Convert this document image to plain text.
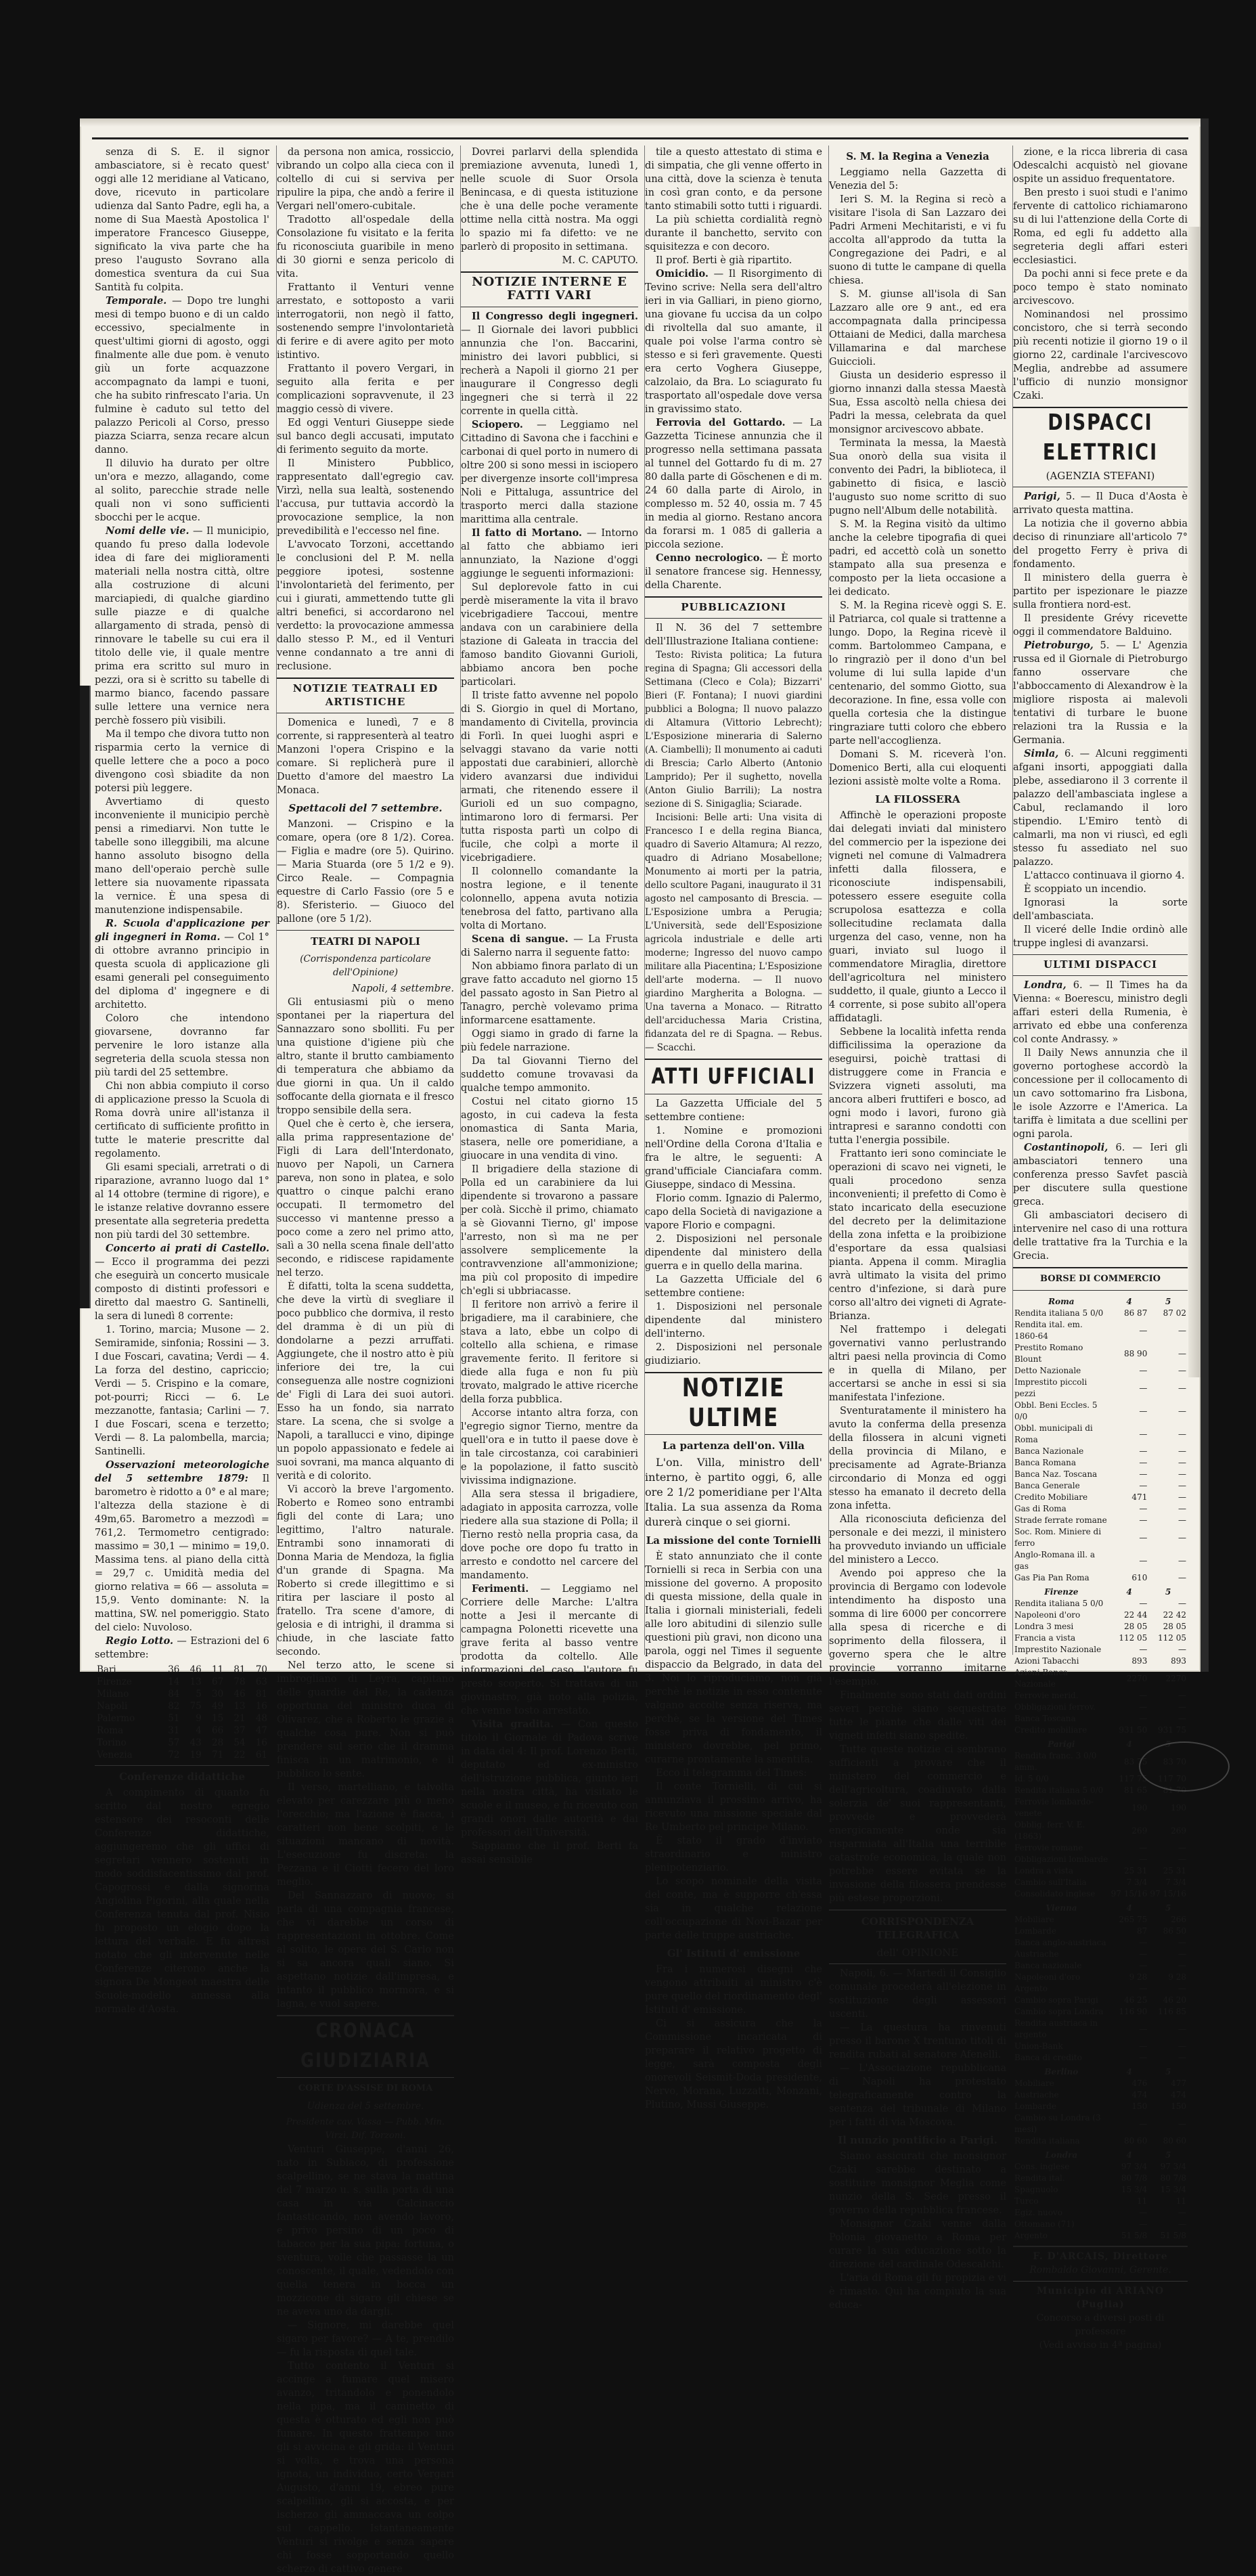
senza di S. E. il signor ambasciatore, si è recato quest' oggi alle 12 meridiane al Vaticano, dove, ricevuto in particolare udienza dal Santo Padre, egli ha, a nome di Sua Maestà Apostolica l' imperatore Francesco Giuseppe, significato la viva parte che ha preso l'augusto Sovrano alla domestica sventura da cui Sua Santità fu colpita.

Temporale. — Dopo tre lunghi mesi di tempo buono e di un caldo eccessivo, specialmente in quest'ultimi giorni di agosto, oggi finalmente alle due pom. è venuto giù un forte acquazzone accompagnato da lampi e tuoni, che ha subito rinfrescato l'aria. Un fulmine è caduto sul tetto del palazzo Pericoli al Corso, presso piazza Sciarra, senza recare alcun danno.

Il diluvio ha durato per oltre un'ora e mezzo, allagando, come al solito, parecchie strade nelle quali non vi sono sufficienti sbocchi per le acque.

Nomi delle vie. — Il municipio, quando fu preso dalla lodevole idea di fare dei miglioramenti materiali nella nostra città, oltre alla costruzione di alcuni marciapiedi, di qualche giardino sulle piazze e di qualche allargamento di strada, pensò di rinnovare le tabelle su cui era il titolo delle vie, il quale mentre prima era scritto sul muro in pezzi, ora si è scritto su tabelle di marmo bianco, facendo passare sulle lettere una vernice nera perchè fossero più visibili.

Ma il tempo che divora tutto non risparmia certo la vernice di quelle lettere che a poco a poco divengono così sbiadite da non potersi più leggere.

Avvertiamo di questo inconveniente il municipio perchè pensi a rimediarvi. Non tutte le tabelle sono illeggibili, ma alcune hanno assoluto bisogno della mano dell'operaio perchè sulle lettere sia nuovamente ripassata la vernice. È una spesa di manutenzione indispensabile.

R. Scuola d'applicazione per gli ingegneri in Roma. — Col 1° di ottobre avranno principio in questa scuola di applicazione gli esami generali pel conseguimento del diploma d' ingegnere e di architetto.

Coloro che intendono giovarsene, dovranno far pervenire le loro istanze alla segreteria della scuola stessa non più tardi del 25 settembre.

Chi non abbia compiuto il corso di applicazione presso la Scuola di Roma dovrà unire all'istanza il certificato di sufficiente profitto in tutte le materie prescritte dal regolamento.

Gli esami speciali, arretrati o di riparazione, avranno luogo dal 1° al 14 ottobre (termine di rigore), e le istanze relative dovranno essere presentate alla segreteria predetta non più tardi del 30 settembre.

Concerto ai prati di Castello. — Ecco il programma dei pezzi che eseguirà un concerto musicale composto di distinti professori e diretto dal maestro G. Santinelli, la sera di lunedì 8 corrente:

1. Torino, marcia; Musone — 2. Semiramide, sinfonia; Rossini — 3. I due Foscari, cavatina; Verdi — 4. La forza del destino, capriccio; Verdi — 5. Crispino e la comare, pot-pourri; Ricci — 6. Le mezzanotte, fantasia; Carlini — 7. I due Foscari, scena e terzetto; Verdi — 8. La palombella, marcia; Santinelli.

Osservazioni meteorologiche del 5 settembre 1879: Il barometro è ridotto a 0° e al mare; l'altezza della stazione è di 49m,65. Barometro a mezzodì = 761,2. Termometro centigrado: massimo = 30,1 — minimo = 19,0. Massima tens. al piano della città = 29,7 c. Umidità media del giorno relativa = 66 — assoluta = 15,9. Vento dominante: N. la mattina, SW. nel pomeriggio. Stato del cielo: Nuvoloso.

Regio Lotto. — Estrazioni del 6 settembre:

Bari	36	46	11	81	70
Firenze	14	13	67	78	63
Milano	84	5	30	46	81
Napoli	82	75	49	13	16
Palermo	51	9	15	21	48
Roma	31	4	66	37	47
Torino	57	43	28	54	16
Venezia	72	19	71	22	61
Conferenze didattiche

A compimento di quanto fu scritto dal nostro egregio estensore dei resoconti delle Conferenze didattiche, aggiungeremo che gli uffici di segretari vennero sostenuti in modo soddisfacentissimo dal prof. Capogrossi e dalla signorina Angiolina Pigorini, alla quale nella Conferenza tenuta dal prof. Nisio fu proposto un elogio dopo la lettura del verbale. E fu altresì notato che gli intervenute nelle Conferenze citerono anche la signora De Mongeot maestra delle Scuole-modello annessa alla normale d'Aosta.

da persona non amica, rossiccio, vibrando un colpo alla cieca con il coltello di cui si serviva per ripulire la pipa, che andò a ferire il Vergari nell'omero-cubitale.

Tradotto all'ospedale della Consolazione fu visitato e la ferita fu riconosciuta guaribile in meno di 30 giorni e senza pericolo di vita.

Frattanto il Venturi venne arrestato, e sottoposto a varii interrogatorii, non negò il fatto, sostenendo sempre l'involontarietà di ferire e di avere agito per moto istintivo.

Frattanto il povero Vergari, in seguito alla ferita e per complicazioni sopravvenute, il 23 maggio cessò di vivere.

Ed oggi Venturi Giuseppe siede sul banco degli accusati, imputato di ferimento seguito da morte.

Il Ministero Pubblico, rappresentato dall'egregio cav. Virzì, nella sua lealtà, sostenendo l'accusa, pur tuttavia accordò la provocazione semplice, la non prevedibilità e l'eccesso nel fine.

L'avvocato Torzoni, accettando le conclusioni del P. M. nella peggiore ipotesi, sostenne l'involontarietà del ferimento, per cui i giurati, ammettendo tutte gli altri benefici, si accordarono nel verdetto: la provocazione ammessa dallo stesso P. M., ed il Venturi venne condannato a tre anni di reclusione.

NOTIZIE TEATRALI ED ARTISTICHE

Domenica e lunedì, 7 e 8 corrente, si rappresenterà al teatro Manzoni l'opera Crispino e la comare. Si replicherà pure il Duetto d'amore del maestro La Monaca.

Spettacoli del 7 settembre.

Manzoni. — Crispino e la comare, opera (ore 8 1/2). Corea. — Figlia e madre (ore 5). Quirino. — Maria Stuarda (ore 5 1/2 e 9). Circo Reale. — Compagnia equestre di Carlo Fassio (ore 5 e 8). Sferisterio. — Giuoco del pallone (ore 5 1/2).

TEATRI DI NAPOLI
(Corrispondenza particolare dell'Opinione)
Napoli, 4 settembre.

Gli entusiasmi più o meno spontanei per la riapertura del Sannazzaro sono sbolliti. Fu per una quistione d'igiene più che altro, stante il brutto cambiamento di temperatura che abbiamo da due giorni in qua. Un il caldo soffocante della giornata e il fresco troppo sensibile della sera.

Quel che è certo è, che iersera, alla prima rappresentazione de' Figli di Lara dell'Interdonato, nuovo per Napoli, un Carnera pareva, non sono in platea, e solo quattro o cinque palchi erano occupati. Il termometro del successo vi mantenne presso a poco come a zero nel primo atto, salì a 30 nella scena finale dell'atto secondo, e ridiscese rapidamente nel terzo.

È difatti, tolta la scena suddetta, che deve la virtù di svegliare il poco pubblico che dormiva, il resto del dramma è di un più di dondolarne a pezzi arruffati. Aggiungete, che il nostro atto è più inferiore dei tre, la cui conseguenza alle nostre cognizioni de' Figli di Lara dei suoi autori. Esso ha un fondo, sia narrato stare. La scena, che si svolge a Napoli, a tarallucci e vino, dipinge un popolo appassionato e fedele ai suoi sovrani, ma manca alquanto di verità e di colorito.

Vi accorò la breve l'argomento. Roberto e Romeo sono entrambi figli del conte di Lara; uno legittimo, l'altro naturale. Entrambi sono innamorati di Donna Maria de Mendoza, la figlia d'un grande di Spagna. Ma Roberto si crede illegittimo e si ritira per lasciare il posto al fratello. Tra scene d'amore, di gelosia e di intrighi, il dramma si chiude, in che lasciate fatto secondo.

Nel terzo atto, le scene si imbrogliano di Leyra, capitano delle guardie del Re, la cadenza opportuna del ministro duca di Olivarez, che a Roberto le grazie a qualche cosa pure. Non si può prendere sul serio che il dramma finisca in un matrimonio, e il pubblico lo sente.

Il verso, martelliano, e talvolta elevato per carezzare più o meno l'orecchio; ma l'azione è fiacca, i caratteri non bene scolpiti, e le situazioni mancano di novità. L'esecuzione fu discreta: la Pezzana e il Ciotti fecero del loro meglio.

Del Sannazzaro di nuovo; si parla di una compagnia francese, che vi darebbe un corso di rappresentazioni in ottobre. Come al solito, le opere del S. Carlo non si sa ancora quali siano. Si aspettano notizie dall'impresa, e intanto il pubblico mormora, e si lagna, e vuol sapere.

CRONACA GIUDIZIARIA
CORTE D'ASSISE DI ROMA
Udienza del 5 settembre.
Presidente cav. Vassa — Pubb. Min. Virzì. Dif. Torzoni.

Venturi Giuseppe, d'anni 26, nato in Subiaco, di professione scalpellino, se ne stava la mattina del 7 marzo u. s. sulla porta di una casa in via Calcinaccio fantasticando, non avendo lavoro, e privo persino di un poco di tabacco per la sua pipa: fortuna, o sventura, volle che passasse la un conoscente, il quale, vedendolo con quella tenera in bocca un mozzicone di sigaro gli chiese se ne aveva uno da dargli.

— Signore, mi darebbe quel sigaro per favore? — A te, prendilo — fu la risposta di quel tale.

Tutto contento il Venturi si accinge a fumare quel misero avanzo, tritandolo e ponendolo nella pipa, ma il caminetto di questa è otturato ed egli non può fumare. In questo frattempo uno gli si avvicina e gli grida: il Venturi si volta, e trova una persona ignota, un individuo, certo Vergari Augusto, d'anni 19, ebreo pure scalpellino, gli si accosta, e per ischerzo gli ammaccava un colpo sul cappello. Istantaneamente Venturi si rivolge e senza sapere chi fosse sopportando quello scherzo di cattivo genere

Dovrei parlarvi della splendida premiazione avvenuta, lunedì 1, nelle scuole di Suor Orsola Benincasa, e di questa istituzione che è una delle poche veramente ottime nella città nostra. Ma oggi lo spazio mi fa difetto: ve ne parlerò di proposito in settimana.

M. C. CAPUTO.
NOTIZIE INTERNE E FATTI VARI

Il Congresso degli ingegneri. — Il Giornale dei lavori pubblici annunzia che l'on. Baccarini, ministro dei lavori pubblici, si recherà a Napoli il giorno 21 per inaugurare il Congresso degli ingegneri che si terrà il 22 corrente in quella città.

Sciopero. — Leggiamo nel Cittadino di Savona che i facchini e carbonai di quel porto in numero di oltre 200 si sono messi in isciopero per divergenze insorte coll'impresa Noli e Pittaluga, assuntrice del trasporto merci dalla stazione marittima alla centrale.

Il fatto di Mortano. — Intorno al fatto che abbiamo ieri annunziato, la Nazione d'oggi aggiunge le seguenti informazioni:

Sul deplorevole fatto in cui perdè miseramente la vita il bravo vicebrigadiere Taccoui, mentre andava con un carabiniere della stazione di Galeata in traccia del famoso bandito Giovanni Gurioli, abbiamo ancora ben poche particolari.

Il triste fatto avvenne nel popolo di S. Giorgio in quel di Mortano, mandamento di Civitella, provincia di Forlì. In quei luoghi aspri e selvaggi stavano da varie notti appostati due carabinieri, allorchè videro avanzarsi due individui armati, che ritenendo essere il Gurioli ed un suo compagno, intimarono loro di fermarsi. Per tutta risposta partì un colpo di fucile, che colpì a morte il vicebrigadiere.

Il colonnello comandante la nostra legione, e il tenente colonnello, appena avuta notizia tenebrosa del fatto, partivano alla volta di Mortano.

Scena di sangue. — La Frusta di Salerno narra il seguente fatto:

Non abbiamo finora parlato di un grave fatto accaduto nel giorno 15 del passato agosto in San Pietro al Tanagro, perchè volevamo prima informarcene esattamente.

Oggi siamo in grado di farne la più fedele narrazione.

Da tal Giovanni Tierno del suddetto comune trovavasi da qualche tempo ammonito.

Costui nel citato giorno 15 agosto, in cui cadeva la festa onomastica di Santa Maria, stasera, nelle ore pomeridiane, a giuocare in una vendita di vino.

Il brigadiere della stazione di Polla ed un carabiniere da lui dipendente si trovarono a passare per colà. Sicchè il primo, chiamato a sè Giovanni Tierno, gl' impose l'arresto, non sì ma ne per assolvere semplicemente la contravvenzione all'ammonizione; ma più col proposito di impedire ch'egli si ubbriacasse.

Il feritore non arrivò a ferire il brigadiere, ma il carabiniere, che stava a lato, ebbe un colpo di coltello alla schiena, e rimase gravemente ferito. Il feritore si diede alla fuga e non fu più trovato, malgrado le attive ricerche della forza pubblica.

Accorse intanto altra forza, con l'egregio signor Tierno, mentre da quell'ora e in tutto il paese dove è in tale circostanza, coi carabinieri e la popolazione, il fatto suscitò vivissima indignazione.

Alla sera stessa il brigadiere, adagiato in apposita carrozza, volle riedere alla sua stazione di Polla; il Tierno restò nella propria casa, da dove poche ore dopo fu tratto in arresto e condotto nel carcere del mandamento.

Ferimenti. — Leggiamo nel Corriere delle Marche: L'altra notte a Jesi il mercante di campagna Polonetti ricevette una grave ferita al basso ventre prodotta da coltello. Alle informazioni del caso, l'autore fu presto scoperto. Si trattava di un giovinastro, già noto alla polizia, che venne tosto arrestato.

Visita gradita. — Con questo titolo il Giornale di Padova scrive in data del 4: Il prof. Lorenzo Berti, deputato ed ex-ministro dell'istruzione pubblica, giunto ieri nella nostra città, ha visitato le scuole e il museo, e fu ricevuto con grandi onori dalle autorità e dai professori dell'Università.

Sappiamo che il prof. Berti fa assai sensibile

tile a questo attestato di stima e di simpatia, che gli venne offerto in una città, dove la scienza è tenuta in così gran conto, e da persone tanto stimabili sotto tutti i riguardi.

La più schietta cordialità regnò durante il banchetto, servito con squisitezza e con decoro.

Il prof. Berti è già ripartito.

Omicidio. — Il Risorgimento di Tevino scrive: Nella sera dell'altro ieri in via Galliari, in pieno giorno, una giovane fu uccisa da un colpo di rivoltella dal suo amante, il quale poi volse l'arma contro sè stesso e si ferì gravemente. Questi era certo Voghera Giuseppe, calzolaio, da Bra. Lo sciagurato fu trasportato all'ospedale dove versa in gravissimo stato.

Ferrovia del Gottardo. — La Gazzetta Ticinese annunzia che il progresso nella settimana passata al tunnel del Gottardo fu di m. 27 80 dalla parte di Göschenen e di m. 24 60 dalla parte di Airolo, in complesso m. 52 40, ossia m. 7 45 in media al giorno. Restano ancora da forarsi m. 1 085 di galleria a piccola sezione.

Cenno necrologico. — È morto il senatore francese sig. Hennessy, della Charente.

PUBBLICAZIONI

Il N. 36 del 7 settembre dell'Illustrazione Italiana contiene:

Testo: Rivista politica; La futura regina di Spagna; Gli accessori della Settimana (Cleco e Cola); Bizzarri' Bieri (F. Fontana); I nuovi giardini pubblici a Bologna; Il nuovo palazzo di Altamura (Vittorio Lebrecht); L'Esposizione mineraria di Salerno (A. Ciambelli); Il monumento ai caduti di Brescia; Carlo Alberto (Antonio Lamprido); Per il sughetto, novella (Anton Giulio Barrili); La nostra sezione di S. Sinigaglia; Sciarade.

Incisioni: Belle arti: Una visita di Francesco I e della regina Bianca, quadro di Saverio Altamura; Al rezzo, quadro di Adriano Mosabellone; Monumento ai morti per la patria, dello scultore Pagani, inaugurato il 31 agosto nel camposanto di Brescia. — L'Esposizione umbra a Perugia; L'Università, sede dell'Esposizione agricola industriale e delle arti moderne; Ingresso del nuovo campo militare alla Piacentina; L'Esposizione dell'arte moderna. — Il nuovo giardino Margherita a Bologna. — Una taverna a Monaco. — Ritratto dell'arciduchessa Maria Cristina, fidanzata del re di Spagna. — Rebus. — Scacchi.

ATTI UFFICIALI

La Gazzetta Ufficiale del 5 settembre contiene:

1. Nomine e promozioni nell'Ordine della Corona d'Italia e fra le altre, le seguenti: A grand'ufficiale Cianciafara comm. Giuseppe, sindaco di Messina.

Florio comm. Ignazio di Palermo, capo della Società di navigazione a vapore Florio e compagni.

2. Disposizioni nel personale dipendente dal ministero della guerra e in quello della marina.

La Gazzetta Ufficiale del 6 settembre contiene:

1. Disposizioni nel personale dipendente dal ministero dell'interno.

2. Disposizioni nel personale giudiziario.

NOTIZIE ULTIME
La partenza dell'on. Villa

L'on. Villa, ministro dell' interno, è partito oggi, 6, alle ore 2 1/2 pomeridiane per l'Alta Italia. La sua assenza da Roma durerà cinque o sei giorni.

La missione del conte Tornielli

È stato annunziato che il conte Tornielli si reca in Serbia con una missione del governo. A proposito di questa missione, della quale in Italia i giornali ministeriali, fedeli alle loro abitudini di silenzio sulle questioni più gravi, non dicono una parola, oggi nel Times il seguente dispaccio da Belgrado, in data del 3. Noi lo riproduciamo, non già perchè le notizie in esso contenute valgano accolte senza riserva, ma perchè, se la versione del Times fosse priva di fondamento, il ministero dovrebbe, pel primo, curarne prontamente la smentita.

Ecco il telegramma del Times:

Il conte Tornielli, di cui si annunziava il prossimo arrivo, ha ricevuto una missione speciale dal Re Umberto pel principe Milano.

È stato il grado d'inviato straordinario e ministro plenipotenziario.

Lo scopo nominale della visita del conte, ma è supporre ch'essa sia in qualche relazione coll'occupazione di Novi-Bazar per parte delle truppe austriache.

Gl' Istituti d' emissione

Fra i numerosi disegni che vengono attribuiti al ministro c'è pure quello del riordinamento degl' Istituti d' emissione.

Ci si assicura che la Commissione incaricata di preparare il relativo progetto di legge, sarà composta degli onorevoli Seismit-Doda presidente, Nervo, Morana, Luzzatti, Monzani, Plutino, Mussi Giuseppe.

S. M. la Regina a Venezia

Leggiamo nella Gazzetta di Venezia del 5:

Ieri S. M. la Regina si recò a visitare l'isola di San Lazzaro dei Padri Armeni Mechitaristi, e vi fu accolta all'approdo da tutta la Congregazione dei Padri, e al suono di tutte le campane di quella chiesa.

S. M. giunse all'isola di San Lazzaro alle ore 9 ant., ed era accompagnata dalla principessa Ottaiani de Medici, dalla marchesa Villamarina e dal marchese Guiccioli.

Giusta un desiderio espresso il giorno innanzi dalla stessa Maestà Sua, Essa ascoltò nella chiesa dei Padri la messa, celebrata da quel monsignor arcivescovo abbate.

Terminata la messa, la Maestà Sua onorò della sua visita il convento dei Padri, la biblioteca, il gabinetto di fisica, e lasciò l'augusto suo nome scritto di suo pugno nell'Album delle notabilità.

S. M. la Regina visitò da ultimo anche la celebre tipografia di quei padri, ed accettò colà un sonetto stampato alla sua presenza e composto per la lieta occasione a lei dedicato.

S. M. la Regina ricevè oggi S. E. il Patriarca, col quale si trattenne a lungo. Dopo, la Regina ricevè il comm. Bartolommeo Campana, e lo ringraziò per il dono d'un bel volume di lui sulla lapide d'un centenario, del sommo Giotto, sua decorazione. In fine, essa volle con quella cortesia che la distingue ringraziare tutti coloro che ebbero parte nell'accoglienza.

Domani S. M. riceverà l'on. Domenico Berti, alla cui eloquenti lezioni assistè molte volte a Roma.

LA FILOSSERA

Affinchè le operazioni proposte dai delegati inviati dal ministero del commercio per la ispezione dei vigneti nel comune di Valmadrera infetti dalla filossera, e riconosciute indispensabili, potessero essere eseguite colla scrupolosa esattezza e colla sollecitudine reclamata dalla urgenza del caso, venne, non ha guari, inviato sul luogo il commendatore Miraglia, direttore dell'agricoltura nel ministero suddetto, il quale, giunto a Lecco il 4 corrente, si pose subito all'opera affidatagli.

Sebbene la località infetta renda difficilissima la operazione da eseguirsi, poichè trattasi di distruggere come in Francia e Svizzera vigneti assoluti, ma ancora alberi fruttiferi e bosco, ad ogni modo i lavori, furono già intrapresi e saranno condotti con tutta l'energia possibile.

Frattanto ieri sono cominciate le operazioni di scavo nei vigneti, le quali procedono senza inconvenienti; il prefetto di Como è stato incaricato della esecuzione del decreto per la delimitazione della zona infetta e la proibizione d'esportare da essa qualsiasi pianta. Appena il comm. Miraglia avrà ultimato la visita del primo centro d'infezione, si darà pure corso all'altro dei vigneti di Agrate-Brianza.

Nel frattempo i delegati governativi vanno perlustrando altri paesi nella provincia di Como e in quella di Milano, per accertarsi se anche in essi si sia manifestata l'infezione.

Sventuratamente il ministero ha avuto la conferma della presenza della filossera in alcuni vigneti della provincia di Milano, e precisamente ad Agrate-Brianza circondario di Monza ed oggi stesso ha emanato il decreto della zona infetta.

Alla riconosciuta deficienza del personale e dei mezzi, il ministero ha provveduto inviando un ufficiale del ministero a Lecco.

Avendo poi appreso che la provincia di Bergamo con lodevole intendimento ha disposto una somma di lire 6000 per concorrere alla spesa di ricerche e di soprimento della filossera, il governo spera che le altre provincie vorranno imitarne l'esempio.

Finalmente sono stati dati ordini severi perchè siano sequestrate tutte le piante che dalle viti dei vigneti infetti siano spedite.

Tutte queste notizie ci sembrano sufficienti a provare che il ministero del commercio e dell'agricoltura, coadiuvato dalla solerzia de' suoi rappresentanti, provvede e provvederà energicamente onde sia risparmiata all'Italia una terribile catastrofe economica, la quale non potrebbe essere evitata se la invasione della filossera prendesse più estese proporzioni.

CORRISPONDENZA TELEGRAFICA
dell' OPINIONE

Napoli, 6. — Martedì il Consiglio comunale procederà all'elezione in sostituzione degli assessori uscenti.

— La questura ha rinvenuti presso il barone X trentuno titoli di rendita rubati al senatore Afenelli.

— L'Associazione repubblicana di Napoli ha protestato telegraficamente contro la sentenza del tribunale di Milano per i fatti di via Moscova.

Il nunzio pontificio a Parigi.

Siamo assicurati che monsignor Czaki sarebbe destinato a sostituire monsignor Meglia come nunzio della S. Sede presso il governo della repubblica francese.

Monsignor Czaki venne dalla Polonia giovanetto a Roma per curare la sua educazione sotto la direzione del cardinale Odescalchi.

L'aria di Roma gli fu propizia e vi è rimasto. Qui ha compiuto la sua educa-

zione, e la ricca libreria di casa Odescalchi acquistò nel giovane ospite un assiduo frequentatore.

Ben presto i suoi studi e l'animo fervente di cattolico richiamarono su di lui l'attenzione della Corte di Roma, ed egli fu addetto alla segreteria degli affari esteri ecclesiastici.

Da pochi anni si fece prete e da poco tempo è stato nominato arcivescovo.

Nominandosi nel prossimo concistoro, che si terrà secondo più recenti notizie il giorno 19 o il giorno 22, cardinale l'arcivescovo Meglia, andrebbe ad assumere l'ufficio di nunzio monsignor Czaki.

DISPACCI ELETTRICI
(AGENZIA STEFANI)

Parigi, 5. — Il Duca d'Aosta è arrivato questa mattina.

La notizia che il governo abbia deciso di rinunziare all'articolo 7° del progetto Ferry è priva di fondamento.

Il ministero della guerra è partito per ispezionare le piazze sulla frontiera nord-est.

Il presidente Grévy ricevette oggi il commendatore Balduino.

Pietroburgo, 5. — L' Agenzia russa ed il Giornale di Pietroburgo fanno osservare che l'abboccamento di Alexandrow è la migliore risposta ai malevoli tentativi di turbare le buone relazioni tra la Russia e la Germania.

Simla, 6. — Alcuni reggimenti afgani insorti, appoggiati dalla plebe, assediarono il 3 corrente il palazzo dell'ambasciata inglese a Cabul, reclamando il loro stipendio. L'Emiro tentò di calmarli, ma non vi riuscì, ed egli stesso fu assediato nel suo palazzo.

L'attacco continuava il giorno 4.

È scoppiato un incendio.

Ignorasi la sorte dell'ambasciata.

Il viceré delle Indie ordinò alle truppe inglesi di avanzarsi.

ULTIMI DISPACCI

Londra, 6. — Il Times ha da Vienna: « Boerescu, ministro degli affari esteri della Rumenia, è arrivato ed ebbe una conferenza col conte Andrassy. »

Il Daily News annunzia che il governo portoghese accordò la concessione per il collocamento di un cavo sottomarino fra Lisbona, le isole Azzorre e l'America. La tariffa è limitata a due scellini per ogni parola.

Costantinopoli, 6. — Ieri gli ambasciatori tennero una conferenza presso Savfet pascià per discutere sulla questione greca.

Gli ambasciatori decisero di intervenire nel caso di una rottura delle trattative fra la Turchia e la Grecia.

BORSE DI COMMERCIO
Roma	4	5
Rendita italiana 5 0/0	86 87	87 02
Rendita ital. em. 1860-64	—	—
Prestito Romano Blount	88 90	—
Detto Nazionale	—	—
Imprestito piccoli pezzi	—	—
Obbl. Beni Eccles. 5 0/0	—	—
Obbl. municipali di Roma	—	—
Banca Nazionale	—	—
Banca Romana	—	—
Banca Naz. Toscana	—	—
Banca Generale	—	—
Credito Mobiliare	471	—
Gas di Roma	—	—
Strade ferrate romane	—	—
Soc. Rom. Miniere di ferro	—	—
Anglo-Romana ill. a gas	—	—
Gas Pia Pan Roma	610	—
Firenze	4	5
Rendita italiana 5 0/0	—	—
Napoleoni d'oro	22 44	22 42
Londra 3 mesi	28 05	28 05
Francia a vista	112 05	112 05
Imprestito Nazionale	—	—
Azioni Tabacchi	893	893
Azioni Banca Nazionale	2270	2270
Ferrovie merid.	—	—
Obbligazioni ferrov.	—	—
Banca Toscana	—	—
Credito mobiliare	931 50	931 75
Parigi	4	5
Rendita franc. 3 0/0 amm.	83 75	83 70
Id. 5 0/0	117 75	117 70
Rendita italiana 5 0/0	81 65	81 70
Ferrovie lombardo-venete	190	190
Obblig. ferr. V. E. (1863)	269	269
Ferrovie romane	—	—
Obbligazioni lombarde	—	—
Londra a vista	25 31	25 31
Cambio sull'Italia	7 3/4	7 3/4
Consolidato inglese	97 15/16	97 15/16
Vienna	4	5
Mobiliare	265 75	266
Lombarde	87	86 50
Banca anglo-austriaca	—	—
Austriache	—	—
Banca nazionale	—	—
Napoleoni d'oro	9 28	9 28
Argento	—	—
Cambio sopra Parigi	46 25	46 20
Cambio sopra Londra	116 90	116 85
Rendita austriaca in argento	—	—
Union-Bank	—	—
Banca di credito	—	—
Berlino	4	5
Mobiliare	476	477
Austriache	474	474
Lombarde	150	150
Cambio su Londra (3 mesi)	—	—
Rendita italiana	80 60	80 60
Londra	4	5
Cons. inglese	97 3/4	97 3/4
Rendita ital.	80 7/8	80 7/8
Spagnuolo	15 3/4	15 3/4
Turco	11	11
Egiz. nuovo	—	—
Ottomano (71)	—	—
Argento	51 5/8	51 5/8
F. D'ARCAIS, Direttore
Rombaldo Giovanni, Gerente.
Municipio di ARIANO (Puglia)
Concorso a diversi posti di professore
(Vedi avviso in 4ª pagina)
